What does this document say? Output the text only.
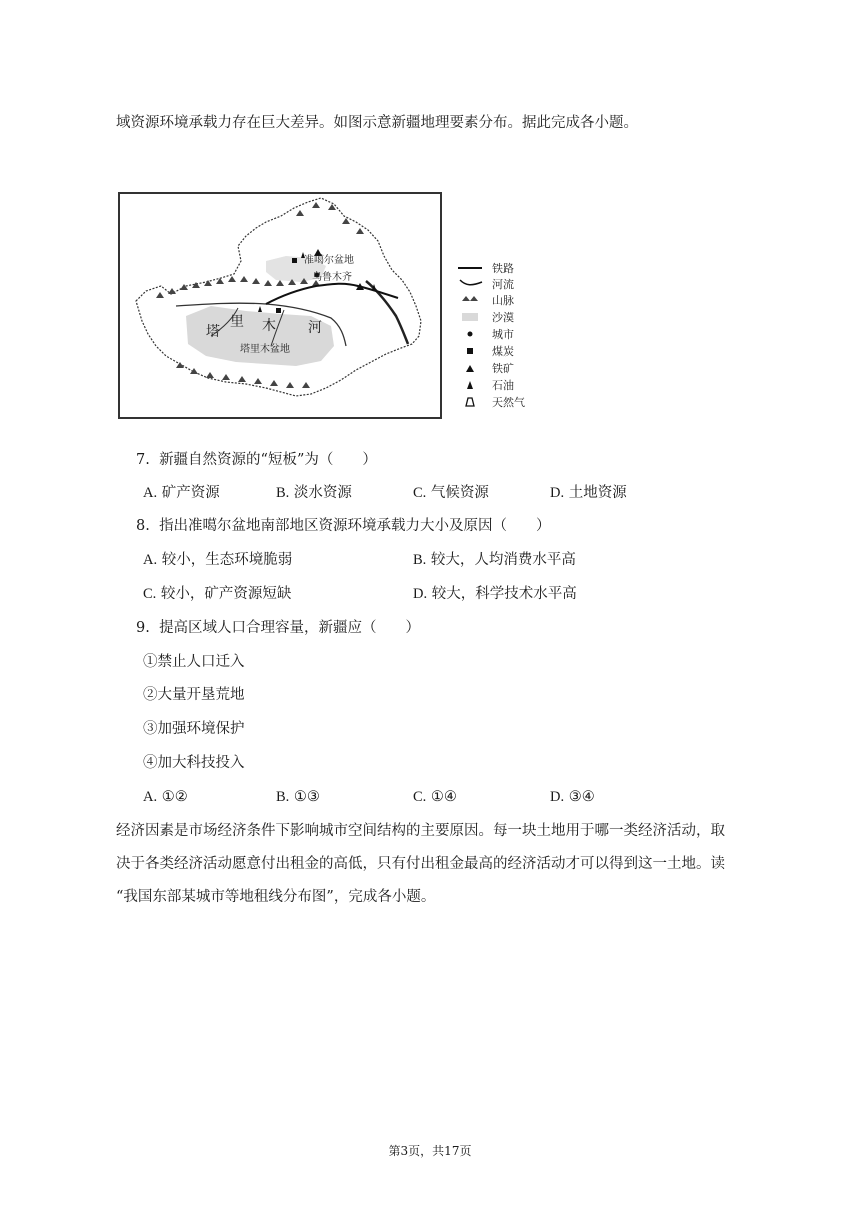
域资源环境承载力存在巨大差异。如图示意新疆地理要素分布。据此完成各小题。
准噶尔盆地
乌鲁木齐
塔
里 木 河
塔里木盆地
铁路
河流
山脉
沙漠
城市
煤炭
铁矿
石油
天然气
7. 新疆自然资源的“短板”为（　　）
A. 矿产资源	B. 淡水资源	C. 气候资源	D. 土地资源
8. 指出准噶尔盆地南部地区资源环境承载力大小及原因（　　）
A. 较小，生态环境脆弱	B. 较大，人均消费水平高
C. 较小，矿产资源短缺	D. 较大，科学技术水平高
9. 提高区域人口合理容量，新疆应（　　）
①禁止人口迁入
②大量开垦荒地
③加强环境保护
④加大科技投入
A. ①②	B. ①③	C. ①④	D. ③④
经济因素是市场经济条件下影响城市空间结构的主要原因。每一块土地用于哪一类经济活动，取
决于各类经济活动愿意付出租金的高低，只有付出租金最高的经济活动才可以得到这一土地。读
“我国东部某城市等地租线分布图”，完成各小题。
第3页，共17页
